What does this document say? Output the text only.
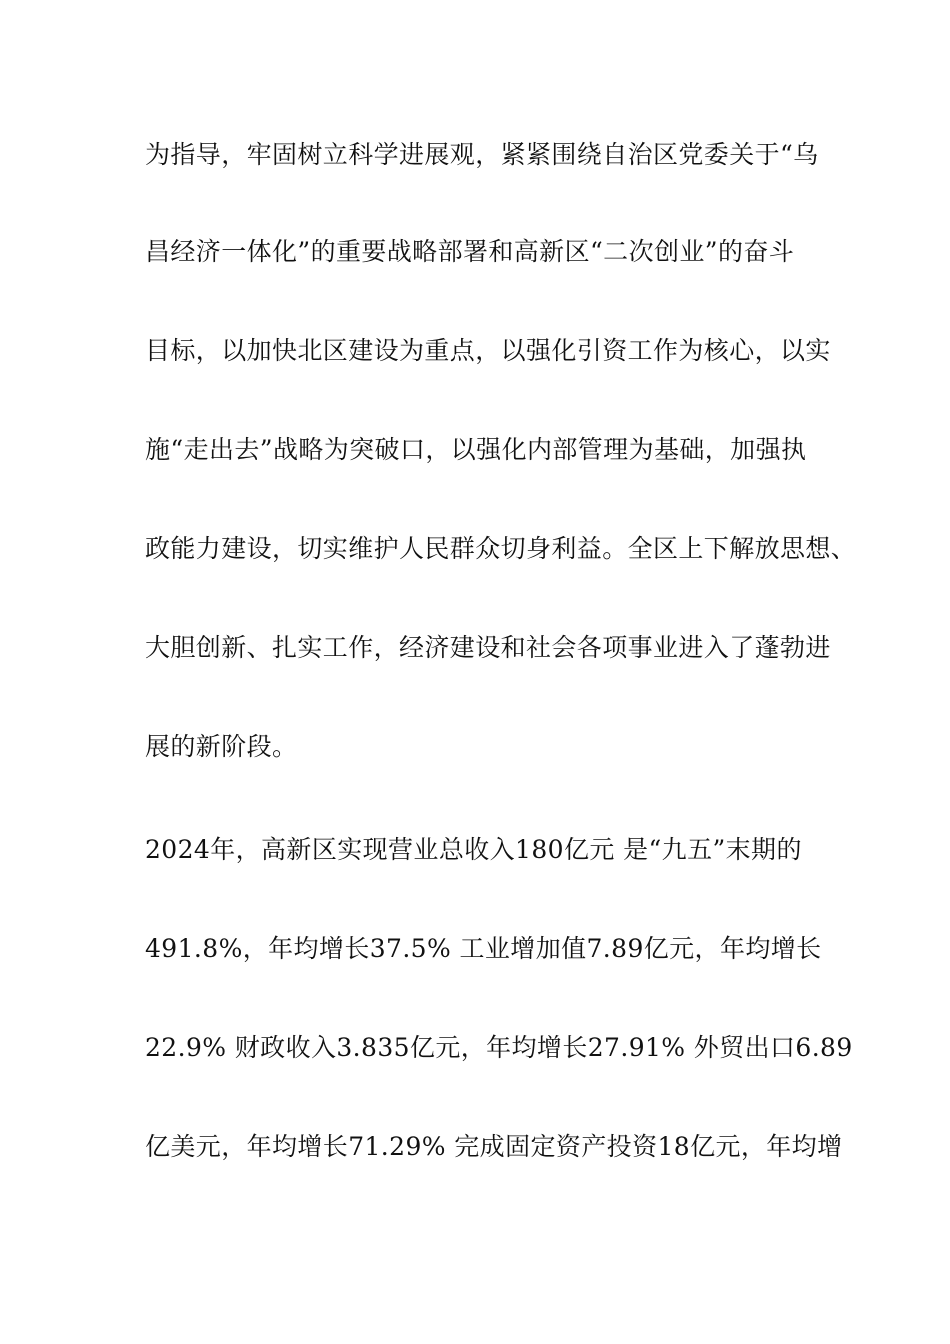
为指导，牢固树立科学进展观，紧紧围绕自治区党委关于“乌

昌经济一体化”的重要战略部署和高新区“二次创业”的奋斗

目标，以加快北区建设为重点，以强化引资工作为核心，以实

施“走出去”战略为突破口，以强化内部管理为基础，加强执

政能力建设，切实维护人民群众切身利益。全区上下解放思想、

大胆创新、扎实工作，经济建设和社会各项事业进入了蓬勃进

展的新阶段。

2024年，高新区实现营业总收入180亿元 是“九五”末期的

491.8%，年均增长37.5% 工业增加值7.89亿元，年均增长

22.9% 财政收入3.835亿元，年均增长27.91% 外贸出口6.89

亿美元，年均增长71.29% 完成固定资产投资18亿元，年均增
